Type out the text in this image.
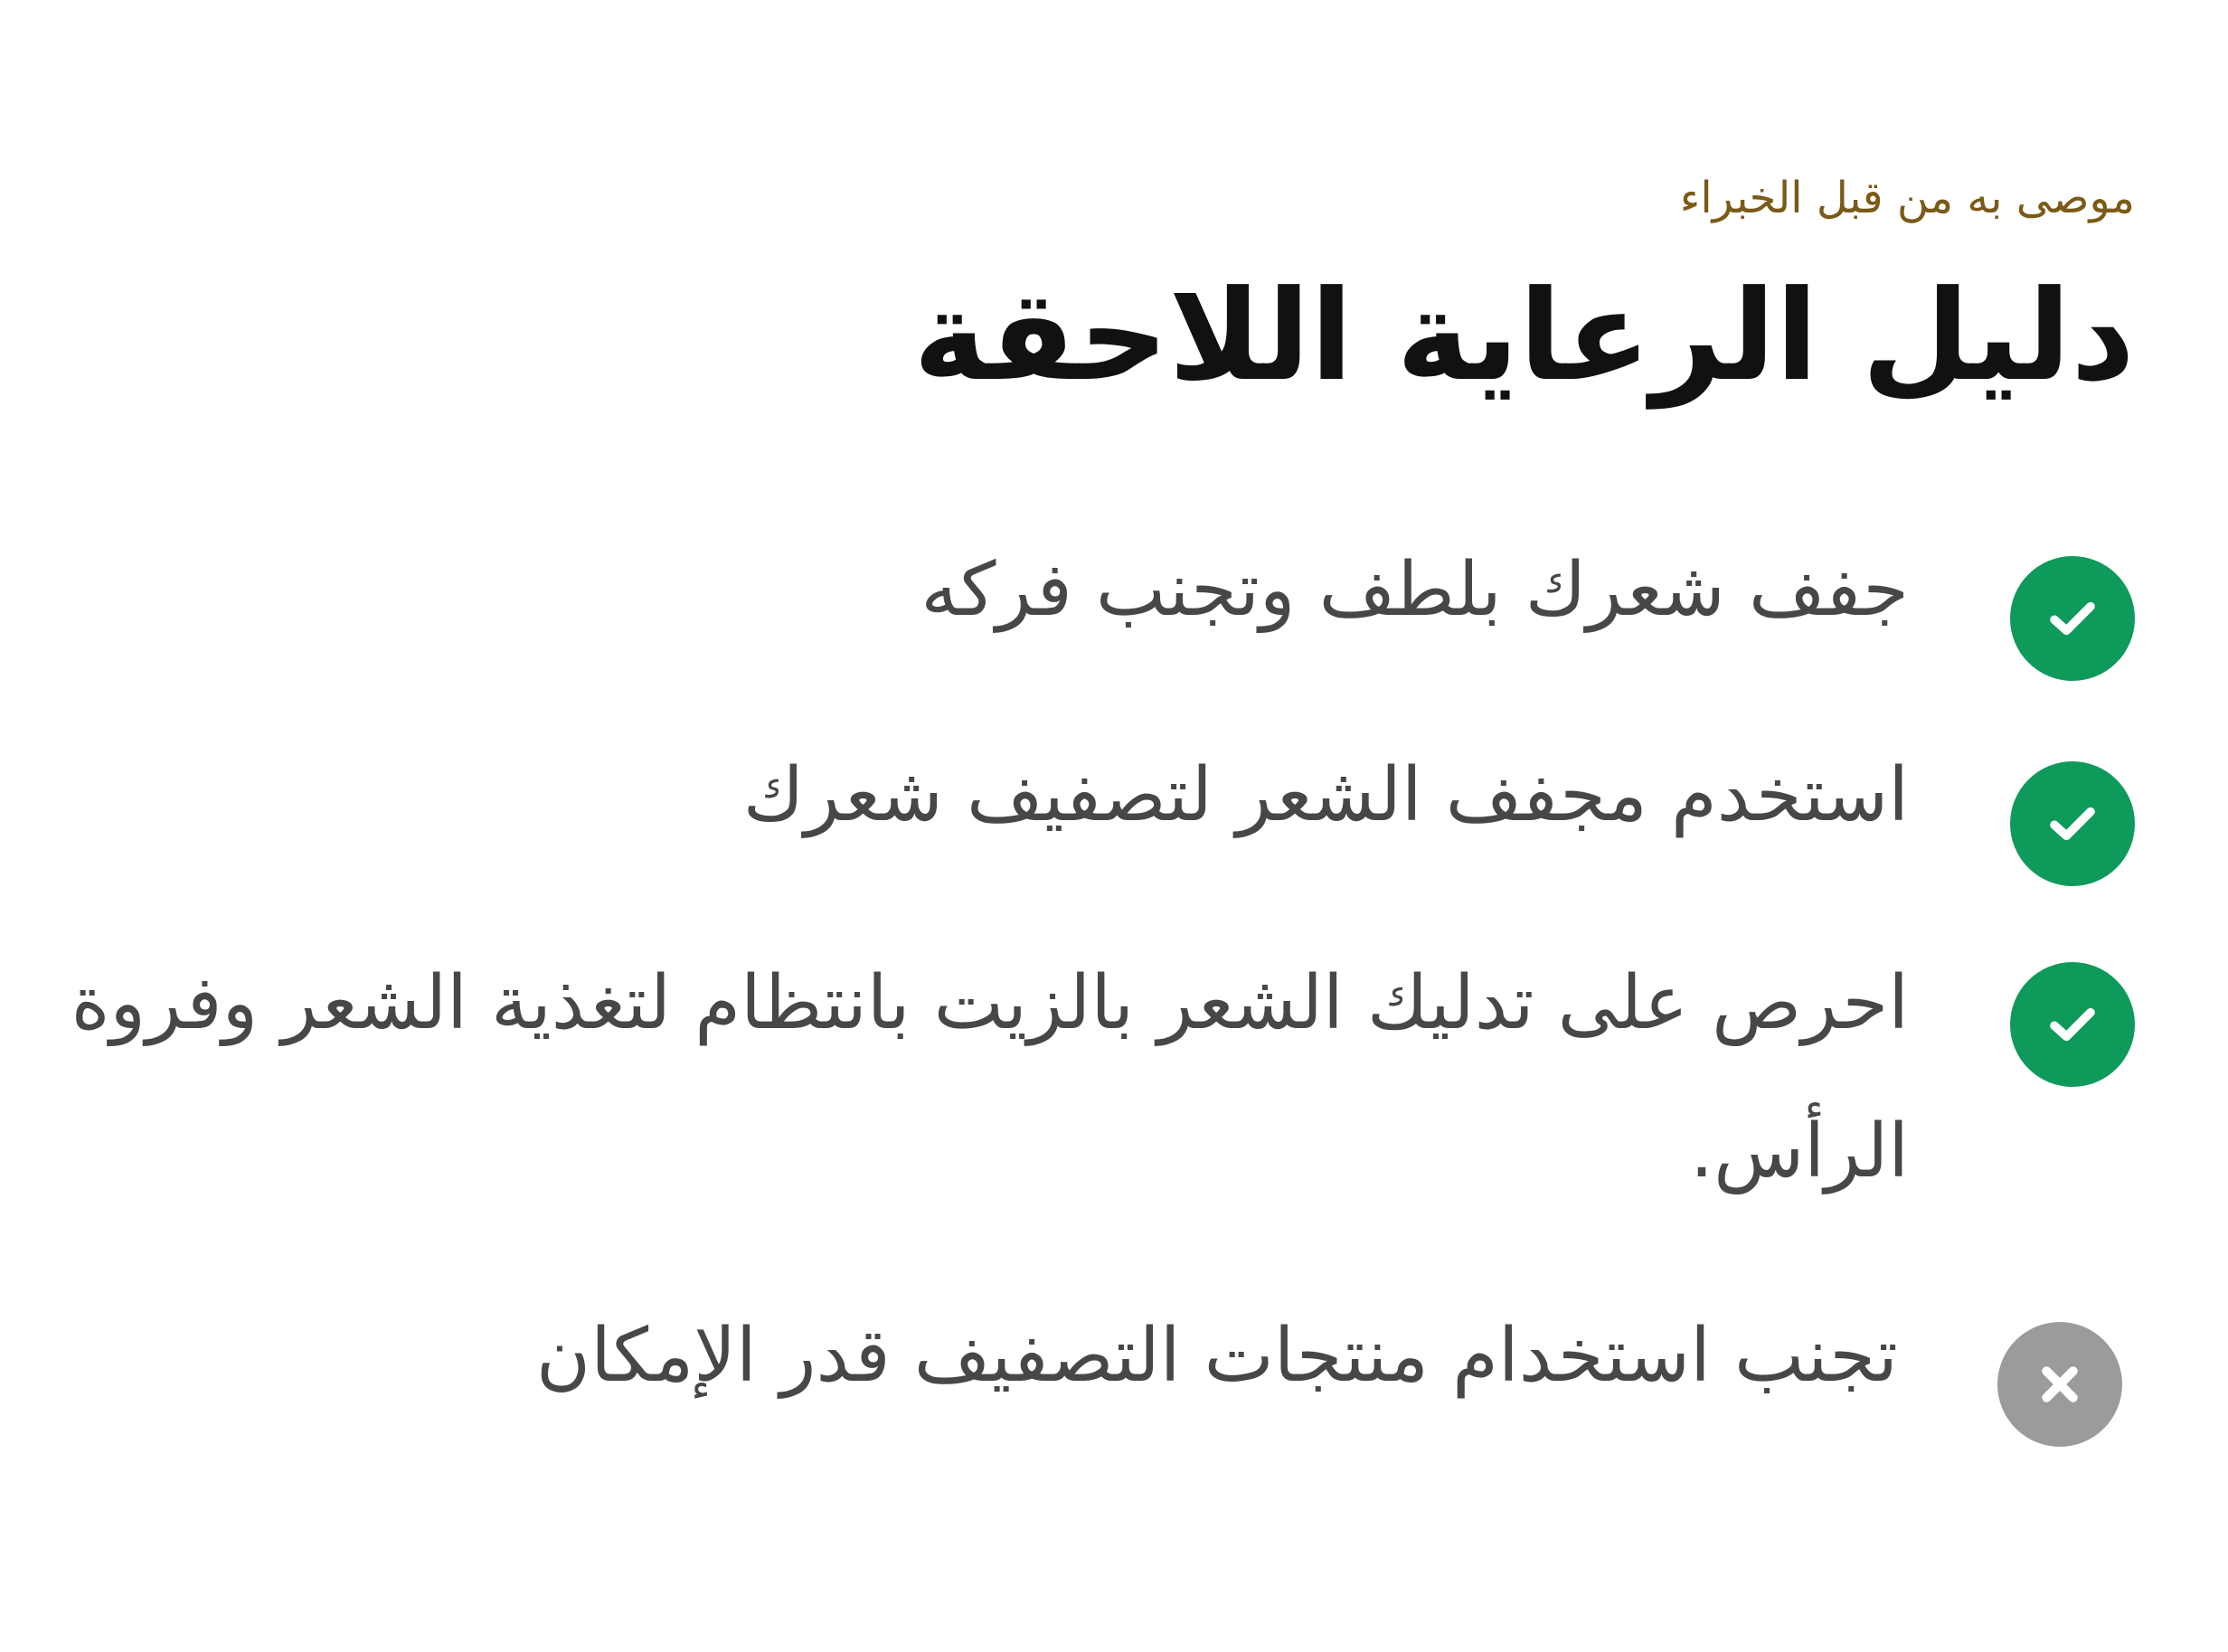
موصى به من قبل الخبراء
دليل الرعاية اللاحقة

جفف شعرك بلطف وتجنب فركه

استخدم مجفف الشعر لتصفيف شعرك

احرص على تدليك الشعر بالزيت بانتظام لتغذية الشعر وفروة الرأس.

تجنب استخدام منتجات التصفيف قدر الإمكان
